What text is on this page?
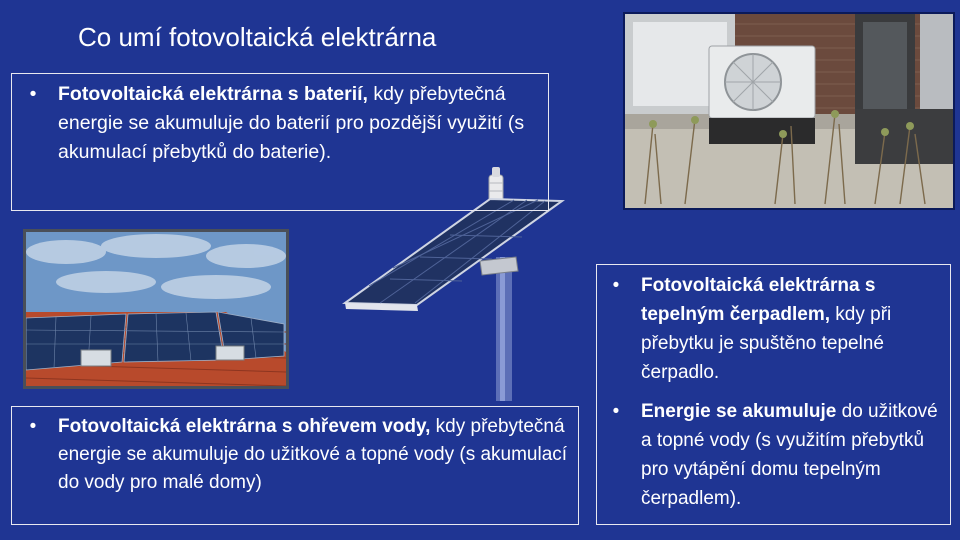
Co umí fotovoltaická elektrárna
• Fotovoltaická elektrárna s baterií, kdy přebytečná energie se akumuluje do baterií pro pozdější využití (s akumulací přebytků do baterie).
• Fotovoltaická elektrárna s ohřevem vody, kdy přebytečná energie se akumuluje do užitkové a topné vody (s akumulací do vody pro malé domy)
• Fotovoltaická elektrárna s tepelným čerpadlem, kdy při přebytku je spuštěno tepelné čerpadlo.
• Energie se akumuluje do užitkové a topné vody (s využitím přebytků pro vytápění domu tepelným čerpadlem).
